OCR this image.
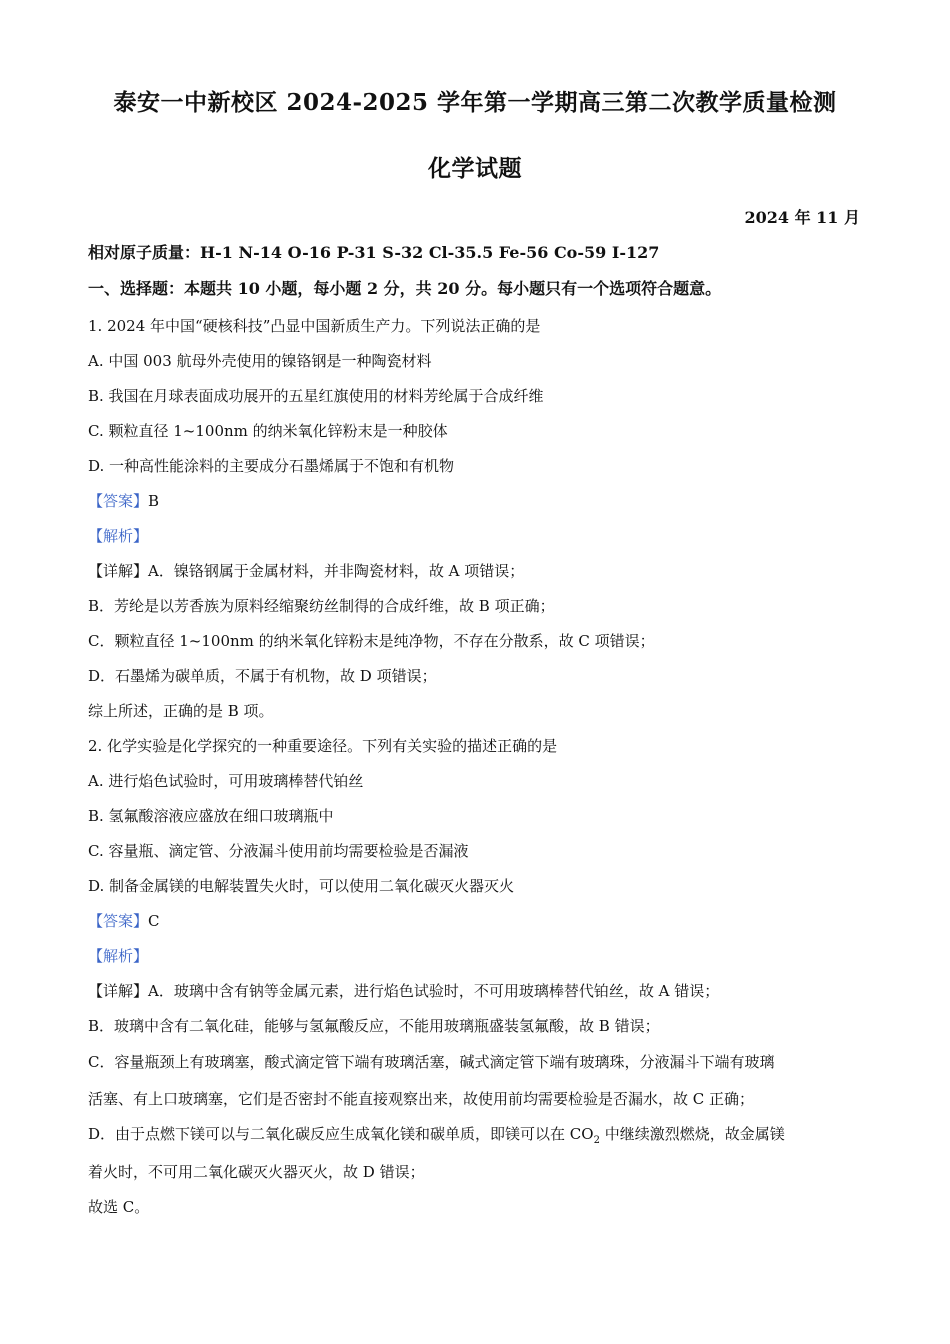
泰安一中新校区 2024-2025 学年第一学期高三第二次教学质量检测
化学试题
2024 年 11 月
相对原子质量：H-1 N-14 O-16 P-31 S-32 Cl-35.5 Fe-56 Co-59 I-127
一、选择题：本题共 10 小题，每小题 2 分，共 20 分。每小题只有一个选项符合题意。
1. 2024 年中国“硬核科技”凸显中国新质生产力。下列说法正确的是
A. 中国 003 航母外壳使用的镍铬钢是一种陶瓷材料
B. 我国在月球表面成功展开的五星红旗使用的材料芳纶属于合成纤维
C. 颗粒直径 1~100nm 的纳米氧化锌粉末是一种胶体
D. 一种高性能涂料的主要成分石墨烯属于不饱和有机物
【答案】B
【解析】
【详解】A．镍铬钢属于金属材料，并非陶瓷材料，故 A 项错误；
B．芳纶是以芳香族为原料经缩聚纺丝制得的合成纤维，故 B 项正确；
C．颗粒直径 1~100nm 的纳米氧化锌粉末是纯净物，不存在分散系，故 C 项错误；
D．石墨烯为碳单质，不属于有机物，故 D 项错误；
综上所述，正确的是 B 项。
2. 化学实验是化学探究的一种重要途径。下列有关实验的描述正确的是
A. 进行焰色试验时，可用玻璃棒替代铂丝
B. 氢氟酸溶液应盛放在细口玻璃瓶中
C. 容量瓶、滴定管、分液漏斗使用前均需要检验是否漏液
D. 制备金属镁的电解装置失火时，可以使用二氧化碳灭火器灭火
【答案】C
【解析】
【详解】A．玻璃中含有钠等金属元素，进行焰色试验时，不可用玻璃棒替代铂丝，故 A 错误；
B．玻璃中含有二氧化硅，能够与氢氟酸反应，不能用玻璃瓶盛装氢氟酸，故 B 错误；
C．容量瓶颈上有玻璃塞，酸式滴定管下端有玻璃活塞，碱式滴定管下端有玻璃珠，分液漏斗下端有玻璃
活塞、有上口玻璃塞，它们是否密封不能直接观察出来，故使用前均需要检验是否漏水，故 C 正确；
D．由于点燃下镁可以与二氧化碳反应生成氧化镁和碳单质，即镁可以在 $CO_2$ 中继续激烈燃烧，故金属镁
着火时，不可用二氧化碳灭火器灭火，故 D 错误；
故选 C。
